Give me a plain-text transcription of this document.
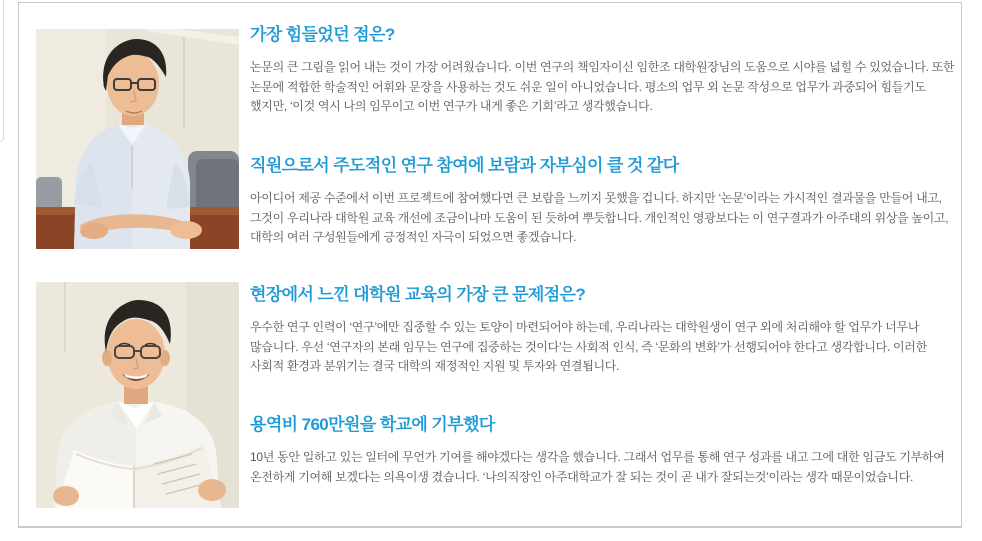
가장 힘들었던 점은?

논문의 큰 그림을 읽어 내는 것이 가장 어려웠습니다. 이번 연구의 책임자이신 임한조 대학원장님의 도움으로 시야를 넓힐 수 있었습니다. 또한 논문에 적합한 학술적인 어휘와 문장을 사용하는 것도 쉬운 일이 아니었습니다. 평소의 업무 외 논문 작성으로 업무가 과중되어 힘들기도 했지만, ‘이것 역시 나의 임무이고 이번 연구가 내게 좋은 기회’라고 생각했습니다.

직원으로서 주도적인 연구 참여에 보람과 자부심이 클 것 같다

아이디어 제공 수준에서 이번 프로젝트에 참여했다면 큰 보람을 느끼지 못했을 겁니다. 하지만 ‘논문’이라는 가시적인 결과물을 만들어 내고, 그것이 우리나라 대학원 교육 개선에 조금이나마 도움이 된 듯하여 뿌듯합니다. 개인적인 영광보다는 이 연구결과가 아주대의 위상을 높이고, 대학의 여러 구성원들에게 긍정적인 자극이 되었으면 좋겠습니다.

현장에서 느낀 대학원 교육의 가장 큰 문제점은?

우수한 연구 인력이 ‘연구’에만 집중할 수 있는 토양이 마련되어야 하는데, 우리나라는 대학원생이 연구 외에 처리해야 할 업무가 너무나 많습니다. 우선 ‘연구자의 본래 임무는 연구에 집중하는 것이다’는 사회적 인식, 즉 ‘문화의 변화’가 선행되어야 한다고 생각합니다. 이러한 사회적 환경과 분위기는 결국 대학의 재정적인 지원 및 투자와 연결됩니다.

용역비 760만원을 학교에 기부했다

10년 동안 일하고 있는 일터에 무언가 기여를 해야겠다는 생각을 했습니다. 그래서 업무를 통해 연구 성과를 내고 그에 대한 임금도 기부하여 온전하게 기여해 보겠다는 의욕이생 겼습니다. ‘나의직장인 아주대학교가 잘 되는 것이 곧 내가 잘되는것’이라는 생각 때문이었습니다.
